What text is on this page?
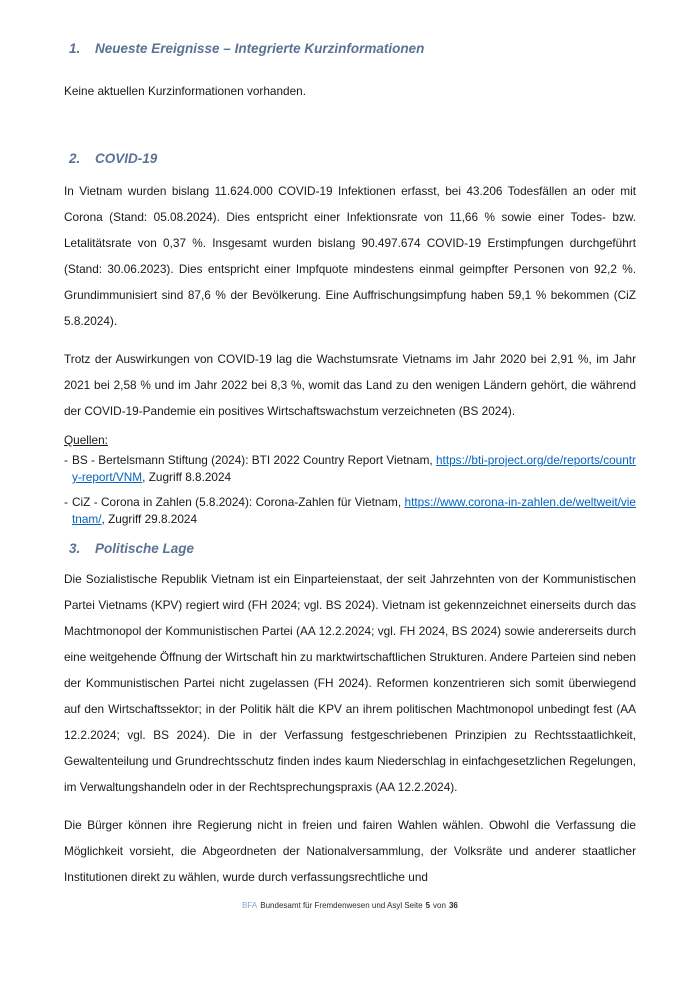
1.	Neueste Ereignisse – Integrierte Kurzinformationen

Keine aktuellen Kurzinformationen vorhanden.

2.	COVID-19

In Vietnam wurden bislang 11.624.000 COVID-19 Infektionen erfasst, bei 43.206 Todesfällen an oder mit Corona (Stand: 05.08.2024). Dies entspricht einer Infektionsrate von 11,66 % sowie einer Todes- bzw. Letalitätsrate von 0,37 %. Insgesamt wurden bislang 90.497.674 COVID-19 Erstimpfungen durchgeführt (Stand: 30.06.2023). Dies entspricht einer Impfquote mindestens einmal geimpfter Personen von 92,2 %. Grundimmunisiert sind 87,6 % der Bevölkerung. Eine Auffrischungsimpfung haben 59,1 % bekommen (CiZ 5.8.2024).

Trotz der Auswirkungen von COVID-19 lag die Wachstumsrate Vietnams im Jahr 2020 bei 2,91 %, im Jahr 2021 bei 2,58 % und im Jahr 2022 bei 8,3 %, womit das Land zu den wenigen Ländern gehört, die während der COVID-19-Pandemie ein positives Wirtschaftswachstum verzeichneten (BS 2024).

Quellen:
- BS - Bertelsmann Stiftung (2024): BTI 2022 Country Report Vietnam, https://bti-project.org/de/reports/country-report/VNM, Zugriff 8.8.2024
- CiZ - Corona in Zahlen (5.8.2024): Corona-Zahlen für Vietnam, https://www.corona-in-zahlen.de/weltweit/vietnam/, Zugriff 29.8.2024
3.	Politische Lage

Die Sozialistische Republik Vietnam ist ein Einparteienstaat, der seit Jahrzehnten von der Kommunistischen Partei Vietnams (KPV) regiert wird (FH 2024; vgl. BS 2024). Vietnam ist gekennzeichnet einerseits durch das Machtmonopol der Kommunistischen Partei (AA 12.2.2024; vgl. FH 2024, BS 2024) sowie andererseits durch eine weitgehende Öffnung der Wirtschaft hin zu marktwirtschaftlichen Strukturen. Andere Parteien sind neben der Kommunistischen Partei nicht zugelassen (FH 2024). Reformen konzentrieren sich somit überwiegend auf den Wirtschaftssektor; in der Politik hält die KPV an ihrem politischen Machtmonopol unbedingt fest (AA 12.2.2024; vgl. BS 2024). Die in der Verfassung festgeschriebenen Prinzipien zu Rechtsstaatlichkeit, Gewaltenteilung und Grundrechtsschutz finden indes kaum Niederschlag in einfachgesetzlichen Regelungen, im Verwaltungshandeln oder in der Rechtsprechungspraxis (AA 12.2.2024).

Die Bürger können ihre Regierung nicht in freien und fairen Wahlen wählen. Obwohl die Verfassung die Möglichkeit vorsieht, die Abgeordneten der Nationalversammlung, der Volksräte und anderer staatlicher Institutionen direkt zu wählen, wurde durch verfassungsrechtliche und

BFA Bundesamt für Fremdenwesen und Asyl Seite 5 von 36
